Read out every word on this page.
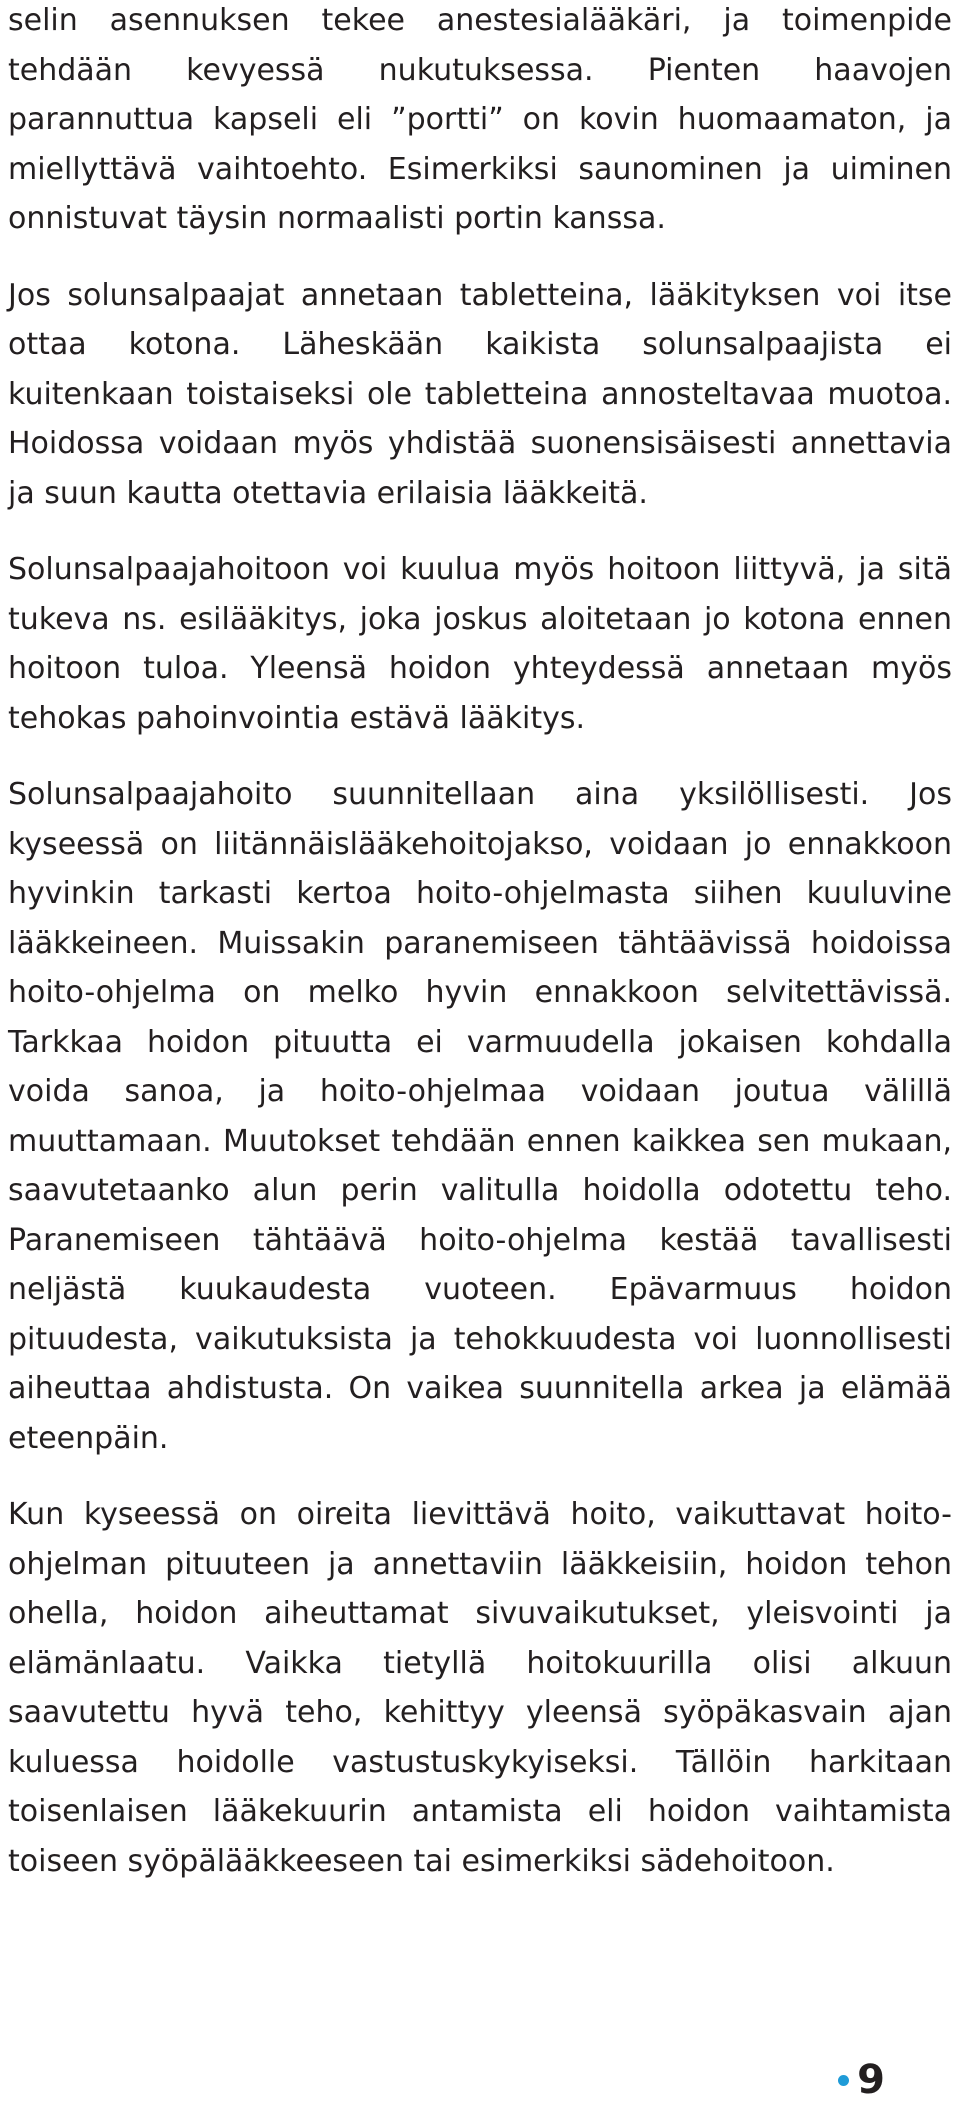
selin asennuksen tekee anestesialääkäri, ja toimenpide tehdään kevyessä nukutuksessa. Pienten haavojen parannuttua kapseli eli ”portti” on kovin huomaamaton, ja miellyttävä vaihtoehto. Esimerkiksi saunominen ja uiminen onnistuvat täysin normaalisti portin kanssa.

Jos solunsalpaajat annetaan tabletteina, lääkityksen voi itse ottaa kotona. Läheskään kaikista solunsalpaajista ei kuitenkaan toistaiseksi ole tabletteina annosteltavaa muotoa. Hoidossa voidaan myös yhdistää suonensisäisesti annettavia ja suun kautta otettavia erilaisia lääkkeitä.

Solunsalpaajahoitoon voi kuulua myös hoitoon liittyvä, ja sitä tukeva ns. esilääkitys, joka joskus aloitetaan jo kotona ennen hoitoon tuloa. Yleensä hoidon yhteydessä annetaan myös tehokas pahoinvointia estävä lääkitys.

Solunsalpaajahoito suunnitellaan aina yksilöllisesti. Jos kyseessä on liitännäislääkehoitojakso, voidaan jo ennakkoon hyvinkin tarkasti kertoa hoito-ohjelmasta siihen kuuluvine lääkkeineen. Muissakin paranemiseen tähtäävissä hoidoissa hoito-ohjelma on melko hyvin ennakkoon selvitettävissä. Tarkkaa hoidon pituutta ei varmuudella jokaisen kohdalla voida sanoa, ja hoito-ohjelmaa voidaan joutua välillä muuttamaan. Muutokset tehdään ennen kaikkea sen mukaan, saavutetaanko alun perin valitulla hoidolla odotettu teho. Paranemiseen tähtäävä hoito-ohjelma kestää tavallisesti neljästä kuukaudesta vuoteen. Epävarmuus hoidon pituudesta, vaikutuksista ja tehokkuudesta voi luonnollisesti aiheuttaa ahdistusta. On vaikea suunnitella arkea ja elämää eteenpäin.

Kun kyseessä on oireita lievittävä hoito, vaikuttavat hoito-ohjelman pituuteen ja annettaviin lääkkeisiin, hoidon tehon ohella, hoidon aiheuttamat sivuvaikutukset, yleisvointi ja elämänlaatu. Vaikka tietyllä hoitokuurilla olisi alkuun saavutettu hyvä teho, kehittyy yleensä syöpäkasvain ajan kuluessa hoidolle vastustuskykyiseksi. Tällöin harkitaan toisenlaisen lääkekuurin antamista eli hoidon vaihtamista toiseen syöpälääkkeeseen tai esimerkiksi sädehoitoon.

9
